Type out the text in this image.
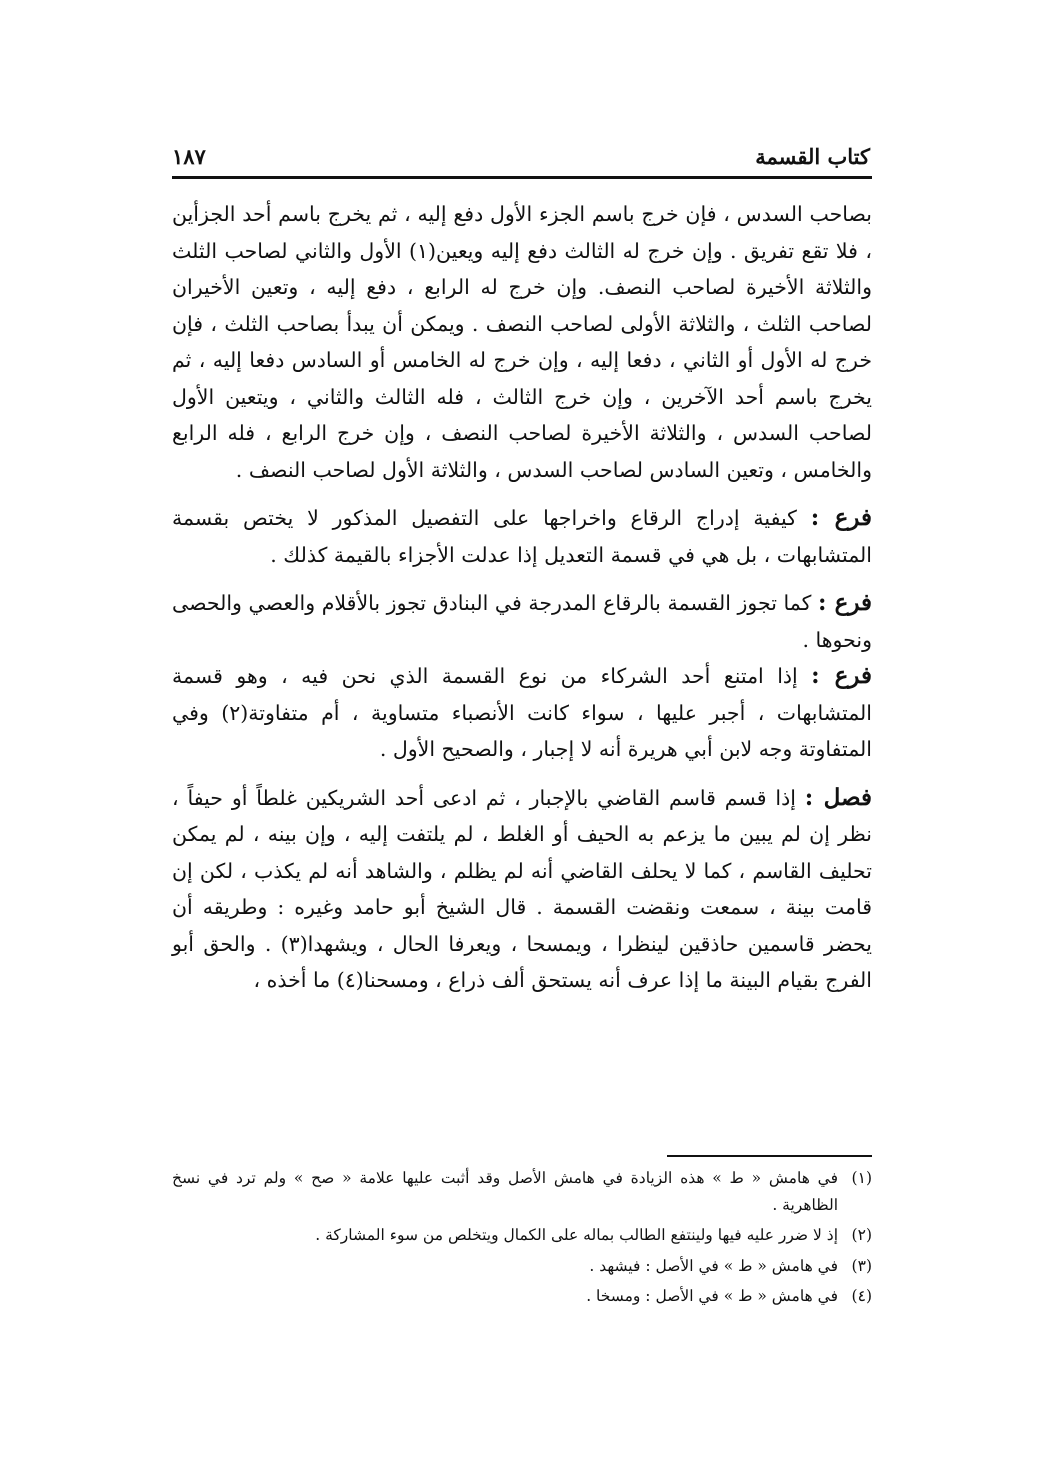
كتاب القسمة
١٨٧

بصاحب السدس ، فإن خرج باسم الجزء الأول دفع إليه ، ثم يخرج باسم أحد الجزأين ، فلا تقع تفريق . وإن خرج له الثالث دفع إليه ويعين(١) الأول والثاني لصاحب الثلث والثلاثة الأخيرة لصاحب النصف. وإن خرج له الرابع ، دفع إليه ، وتعين الأخيران لصاحب الثلث ، والثلاثة الأولى لصاحب النصف . ويمكن أن يبدأ بصاحب الثلث ، فإن خرج له الأول أو الثاني ، دفعا إليه ، وإن خرج له الخامس أو السادس دفعا إليه ، ثم يخرج باسم أحد الآخرين ، وإن خرج الثالث ، فله الثالث والثاني ، ويتعين الأول لصاحب السدس ، والثلاثة الأخيرة لصاحب النصف ، وإن خرج الرابع ، فله الرابع والخامس ، وتعين السادس لصاحب السدس ، والثلاثة الأول لصاحب النصف .

فرع : كيفية إدراج الرقاع واخراجها على التفصيل المذكور لا يختص بقسمة المتشابهات ، بل هي في قسمة التعديل إذا عدلت الأجزاء بالقيمة كذلك .

فرع : كما تجوز القسمة بالرقاع المدرجة في البنادق تجوز بالأقلام والعصي والحصى ونحوها .

فرع : إذا امتنع أحد الشركاء من نوع القسمة الذي نحن فيه ، وهو قسمة المتشابهات ، أجبر عليها ، سواء كانت الأنصباء متساوية ، أم متفاوتة(٢) وفي المتفاوتة وجه لابن أبي هريرة أنه لا إجبار ، والصحيح الأول .

فصل : إذا قسم قاسم القاضي بالإجبار ، ثم ادعى أحد الشريكين غلطاً أو حيفاً ، نظر إن لم يبين ما يزعم به الحيف أو الغلط ، لم يلتفت إليه ، وإن بينه ، لم يمكن تحليف القاسم ، كما لا يحلف القاضي أنه لم يظلم ، والشاهد أنه لم يكذب ، لكن إن قامت بينة ، سمعت ونقضت القسمة . قال الشيخ أبو حامد وغيره : وطريقه أن يحضر قاسمين حاذقين لينظرا ، ويمسحا ، ويعرفا الحال ، ويشهدا(٣) . والحق أبو الفرج بقيام البينة ما إذا عرف أنه يستحق ألف ذراع ، ومسحنا(٤) ما أخذه ،

(١)
في هامش « ط » هذه الزيادة في هامش الأصل وقد أثبت عليها علامة « صح » ولم ترد في نسخ الظاهرية .
(٢)
إذ لا ضرر عليه فيها ولينتفع الطالب بماله على الكمال ويتخلص من سوء المشاركة .
(٣)
في هامش « ط » في الأصل : فيشهد .
(٤)
في هامش « ط » في الأصل : ومسخا .
